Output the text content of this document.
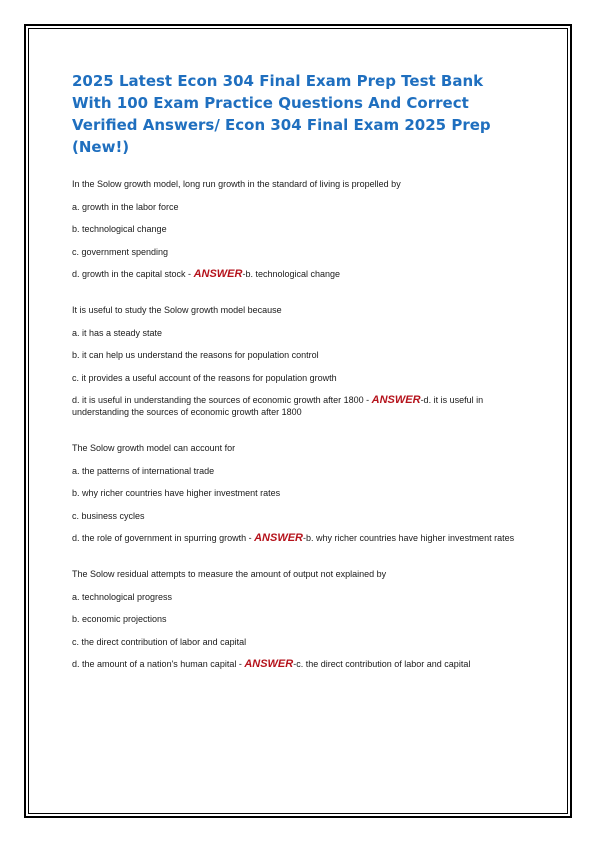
2025 Latest Econ 304 Final Exam Prep Test Bank With 100 Exam Practice Questions And Correct Verified Answers/ Econ 304 Final Exam 2025 Prep (New!)

In the Solow growth model, long run growth in the standard of living is propelled by

a. growth in the labor force

b. technological change

c. government spending

d. growth in the capital stock - ANSWER-b. technological change

It is useful to study the Solow growth model because

a. it has a steady state

b. it can help us understand the reasons for population control

c. it provides a useful account of the reasons for population growth

d. it is useful in understanding the sources of economic growth after 1800 - ANSWER-d. it is useful in understanding the sources of economic growth after 1800

The Solow growth model can account for

a. the patterns of international trade

b. why richer countries have higher investment rates

c. business cycles

d. the role of government in spurring growth - ANSWER-b. why richer countries have higher investment rates

The Solow residual attempts to measure the amount of output not explained by

a. technological progress

b. economic projections

c. the direct contribution of labor and capital

d. the amount of a nation's human capital - ANSWER-c. the direct contribution of labor and capital
